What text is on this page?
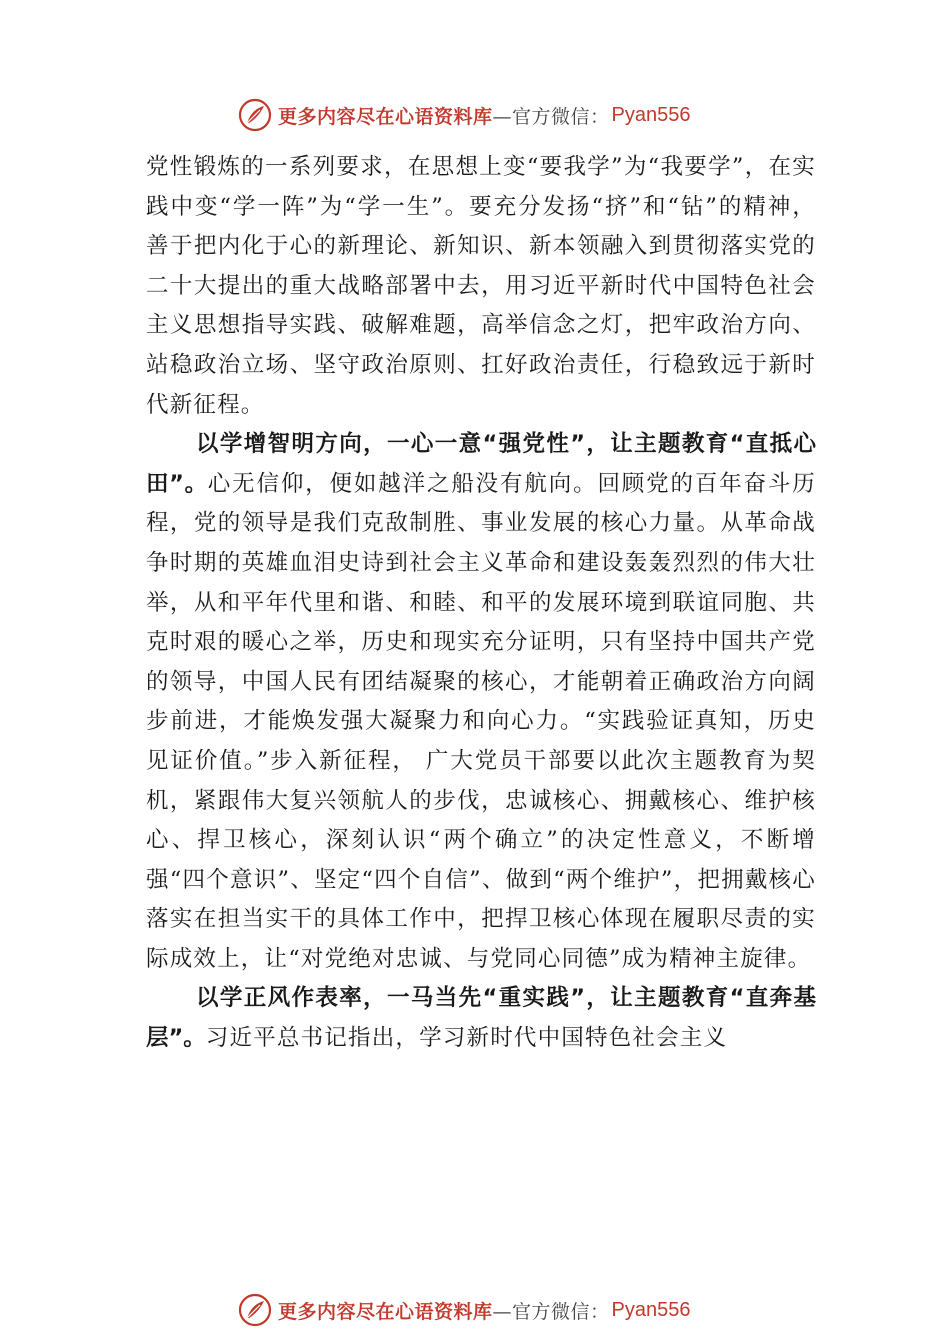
更多内容尽在心语资料库 —官方微信： Pyan556

党性锻炼的一系列要求，在思想上变“要我学”为“我要学”，在实践中变“学一阵”为“学一生”。要充分发扬“挤”和“钻”的精神，善于把内化于心的新理论、新知识、新本领融入到贯彻落实党的二十大提出的重大战略部署中去，用习近平新时代中国特色社会主义思想指导实践、破解难题，高举信念之灯，把牢政治方向、站稳政治立场、坚守政治原则、扛好政治责任，行稳致远于新时代新征程。

以学增智明方向，一心一意“强党性”，让主题教育“直抵心田”。心无信仰，便如越洋之船没有航向。回顾党的百年奋斗历程，党的领导是我们克敌制胜、事业发展的核心力量。从革命战争时期的英雄血泪史诗到社会主义革命和建设轰轰烈烈的伟大壮举，从和平年代里和谐、和睦、和平的发展环境到联谊同胞、共克时艰的暖心之举，历史和现实充分证明，只有坚持中国共产党的领导，中国人民有团结凝聚的核心，才能朝着正确政治方向阔步前进，才能焕发强大凝聚力和向心力。“实践验证真知，历史见证价值。”步入新征程， 广大党员干部要以此次主题教育为契机，紧跟伟大复兴领航人的步伐，忠诚核心、拥戴核心、维护核心、捍卫核心，深刻认识“两个确立”的决定性意义，不断增强“四个意识”、坚定“四个自信”、做到“两个维护”，把拥戴核心落实在担当实干的具体工作中，把捍卫核心体现在履职尽责的实际成效上，让“对党绝对忠诚、与党同心同德”成为精神主旋律。

以学正风作表率，一马当先“重实践”，让主题教育“直奔基层”。习近平总书记指出，学习新时代中国特色社会主义

更多内容尽在心语资料库 —官方微信： Pyan556
